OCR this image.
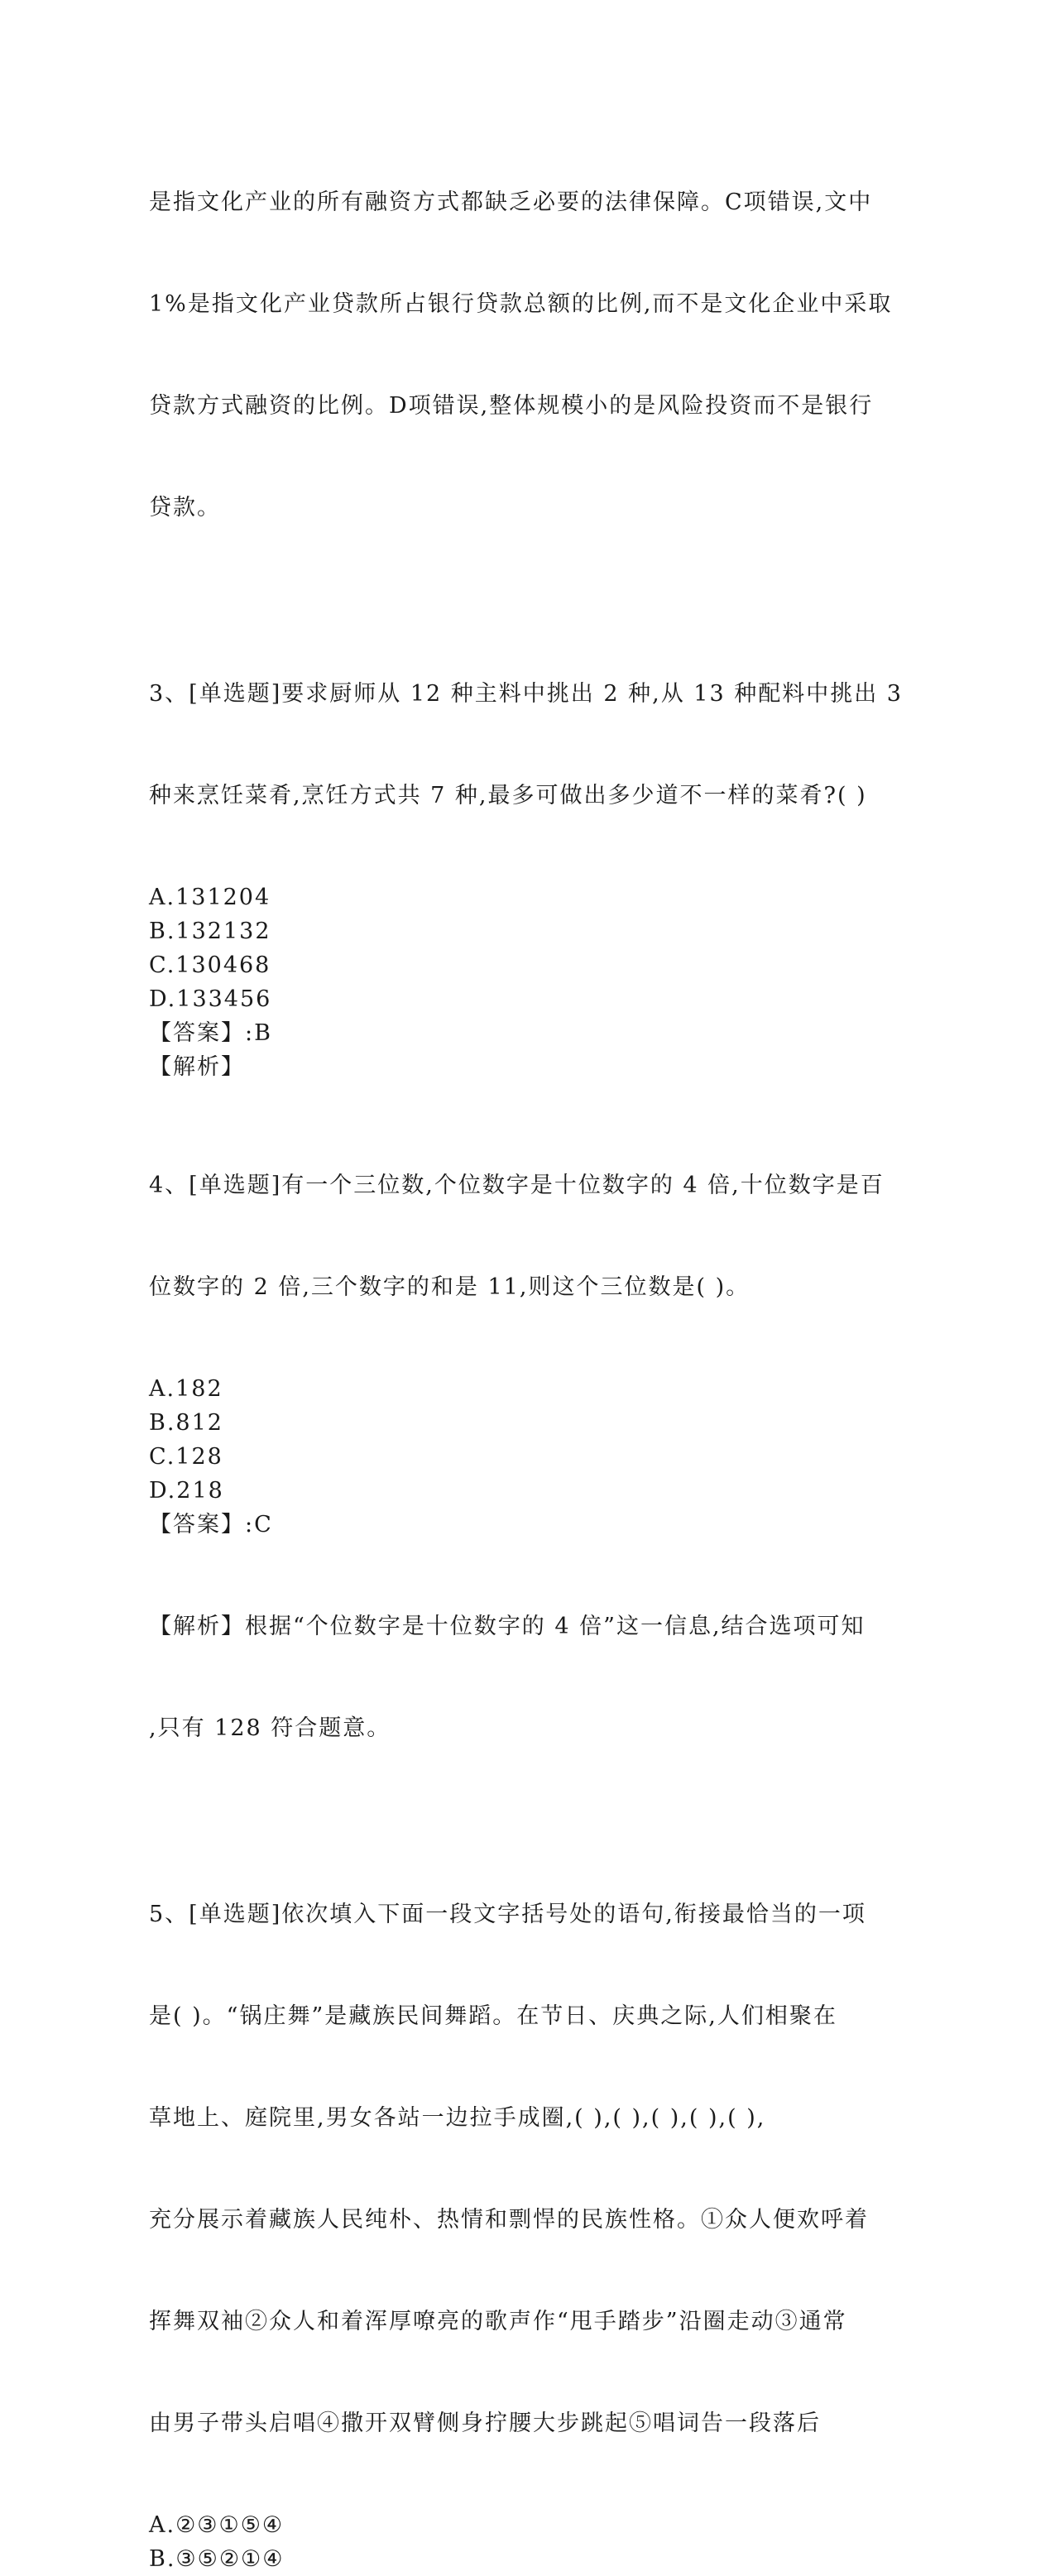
是指文化产业的所有融资方式都缺乏必要的法律保障。C项错误,文中

1%是指文化产业贷款所占银行贷款总额的比例,而不是文化企业中采取

贷款方式融资的比例。D项错误,整体规模小的是风险投资而不是银行

贷款。

3、[单选题]要求厨师从 12 种主料中挑出 2 种,从 13 种配料中挑出 3

种来烹饪菜肴,烹饪方式共 7 种,最多可做出多少道不一样的菜肴?( )

A.131204
B.132132
C.130468
D.133456
【答案】:B
【解析】

4、[单选题]有一个三位数,个位数字是十位数字的 4 倍,十位数字是百

位数字的 2 倍,三个数字的和是 11,则这个三位数是( )。

A.182
B.812
C.128
D.218
【答案】:C

【解析】根据“个位数字是十位数字的 4 倍”这一信息,结合选项可知

,只有 128 符合题意。

5、[单选题]依次填入下面一段文字括号处的语句,衔接最恰当的一项

是( )。“锅庄舞”是藏族民间舞蹈。在节日、庆典之际,人们相聚在

草地上、庭院里,男女各站一边拉手成圈,( ),( ),( ),( ),( ),

充分展示着藏族人民纯朴、热情和剽悍的民族性格。①众人便欢呼着

挥舞双袖②众人和着浑厚嘹亮的歌声作“甩手踏步”沿圈走动③通常

由男子带头启唱④撒开双臂侧身拧腰大步跳起⑤唱词告一段落后

A.②③①⑤④
B.③⑤②①④
